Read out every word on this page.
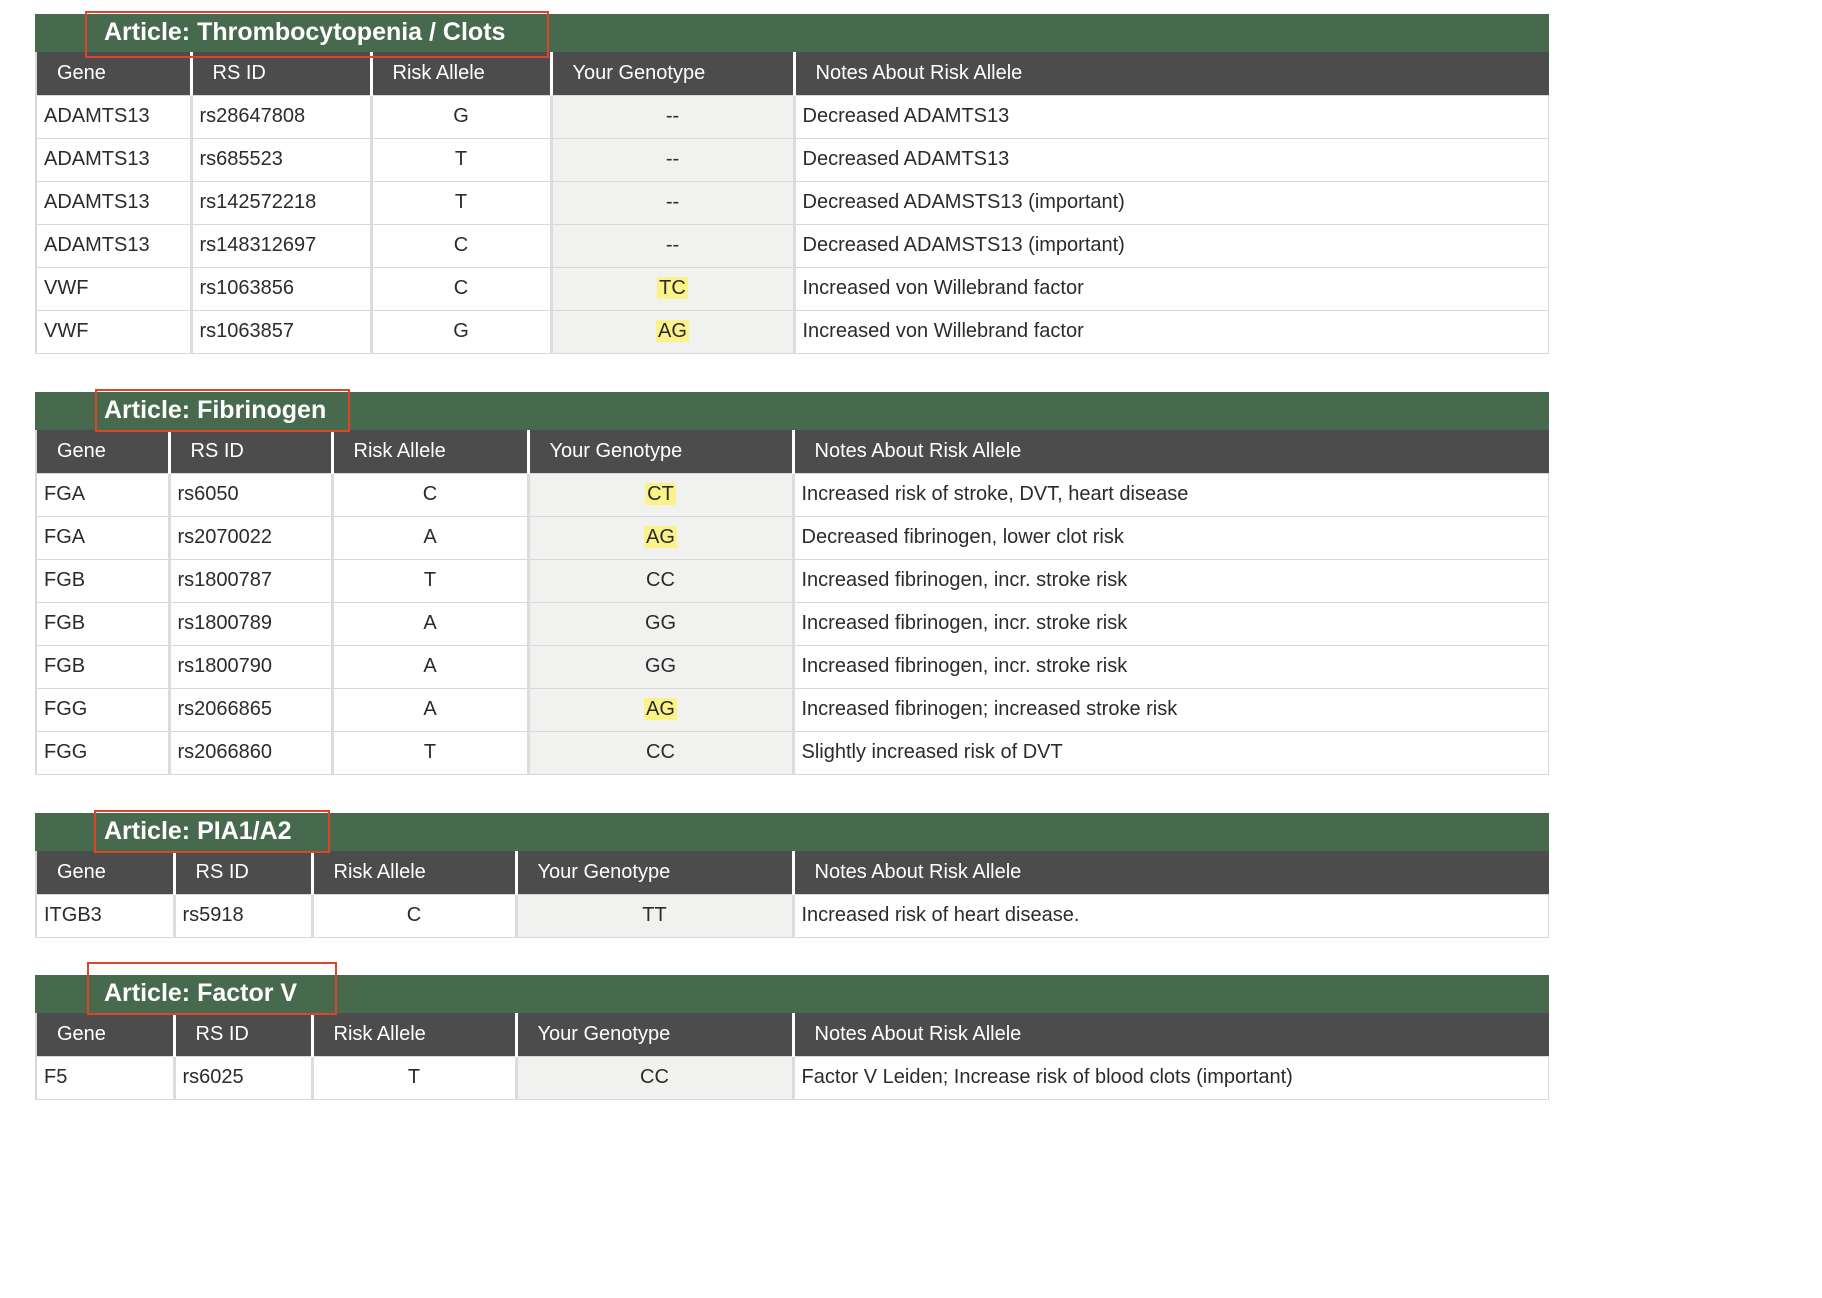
Article: Thrombocytopenia / Clots
Gene	RS ID	Risk Allele	Your Genotype	Notes About Risk Allele
ADAMTS13	rs28647808	G	--	Decreased ADAMTS13
ADAMTS13	rs685523	T	--	Decreased ADAMTS13
ADAMTS13	rs142572218	T	--	Decreased ADAMSTS13 (important)
ADAMTS13	rs148312697	C	--	Decreased ADAMSTS13 (important)
VWF	rs1063856	C	TC	Increased von Willebrand factor
VWF	rs1063857	G	AG	Increased von Willebrand factor
Article: Fibrinogen
Gene	RS ID	Risk Allele	Your Genotype	Notes About Risk Allele
FGA	rs6050	C	CT	Increased risk of stroke, DVT, heart disease
FGA	rs2070022	A	AG	Decreased fibrinogen, lower clot risk
FGB	rs1800787	T	CC	Increased fibrinogen, incr. stroke risk
FGB	rs1800789	A	GG	Increased fibrinogen, incr. stroke risk
FGB	rs1800790	A	GG	Increased fibrinogen, incr. stroke risk
FGG	rs2066865	A	AG	Increased fibrinogen; increased stroke risk
FGG	rs2066860	T	CC	Slightly increased risk of DVT
Article: PIA1/A2
Gene	RS ID	Risk Allele	Your Genotype	Notes About Risk Allele
ITGB3	rs5918	C	TT	Increased risk of heart disease.
Article: Factor V
Gene	RS ID	Risk Allele	Your Genotype	Notes About Risk Allele
F5	rs6025	T	CC	Factor V Leiden; Increase risk of blood clots (important)
